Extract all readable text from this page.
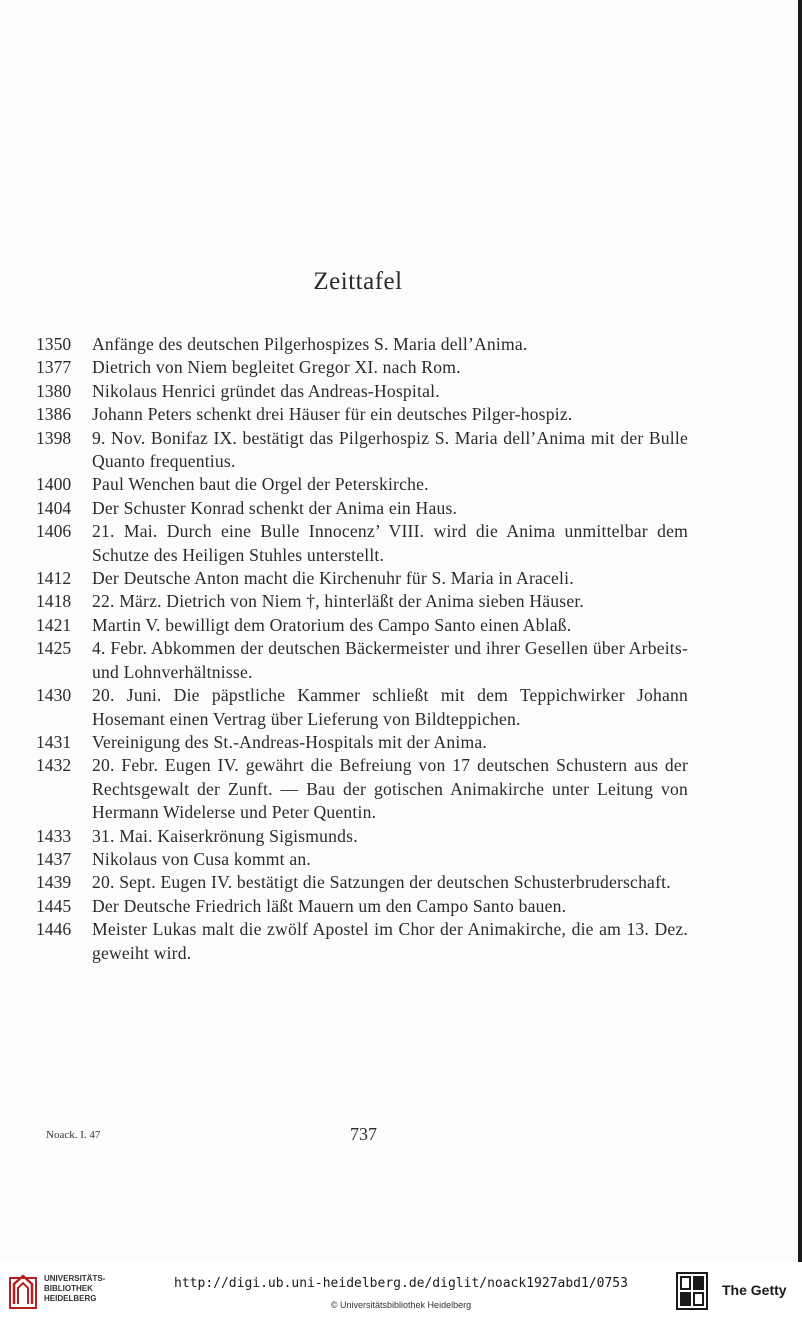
Zeittafel
1350	Anfänge des deutschen Pilgerhospizes S. Maria dell’Anima.
1377	Dietrich von Niem begleitet Gregor XI. nach Rom.
1380	Nikolaus Henrici gründet das Andreas-Hospital.
1386	Johann Peters schenkt drei Häuser für ein deutsches Pilger-hospiz.
1398	9. Nov. Bonifaz IX. bestätigt das Pilgerhospiz S. Maria dell’Anima mit der Bulle Quanto frequentius.
1400	Paul Wenchen baut die Orgel der Peterskirche.
1404	Der Schuster Konrad schenkt der Anima ein Haus.
1406	21. Mai. Durch eine Bulle Innocenz’ VIII. wird die Anima unmittelbar dem Schutze des Heiligen Stuhles unterstellt.
1412	Der Deutsche Anton macht die Kirchenuhr für S. Maria in Araceli.
1418	22. März. Dietrich von Niem †, hinterläßt der Anima sieben Häuser.
1421	Martin V. bewilligt dem Oratorium des Campo Santo einen Ablaß.
1425	4. Febr. Abkommen der deutschen Bäckermeister und ihrer Gesellen über Arbeits- und Lohnverhältnisse.
1430	20. Juni. Die päpstliche Kammer schließt mit dem Teppichwirker Johann Hosemant einen Vertrag über Lieferung von Bildteppichen.
1431	Vereinigung des St.-Andreas-Hospitals mit der Anima.
1432	20. Febr. Eugen IV. gewährt die Befreiung von 17 deutschen Schustern aus der Rechtsgewalt der Zunft. — Bau der gotischen Animakirche unter Leitung von Hermann Widelerse und Peter Quentin.
1433	31. Mai. Kaiserkrönung Sigismunds.
1437	Nikolaus von Cusa kommt an.
1439	20. Sept. Eugen IV. bestätigt die Satzungen der deutschen Schusterbruderschaft.
1445	Der Deutsche Friedrich läßt Mauern um den Campo Santo bauen.
1446	Meister Lukas malt die zwölf Apostel im Chor der Animakirche, die am 13. Dez. geweiht wird.
Noack. I. 47	737
UNIVERSITÄTS-
BIBLIOTHEK
HEIDELBERG
http://digi.ub.uni-heidelberg.de/diglit/noack1927abd1/0753
© Universitätsbibliothek Heidelberg
The Getty
